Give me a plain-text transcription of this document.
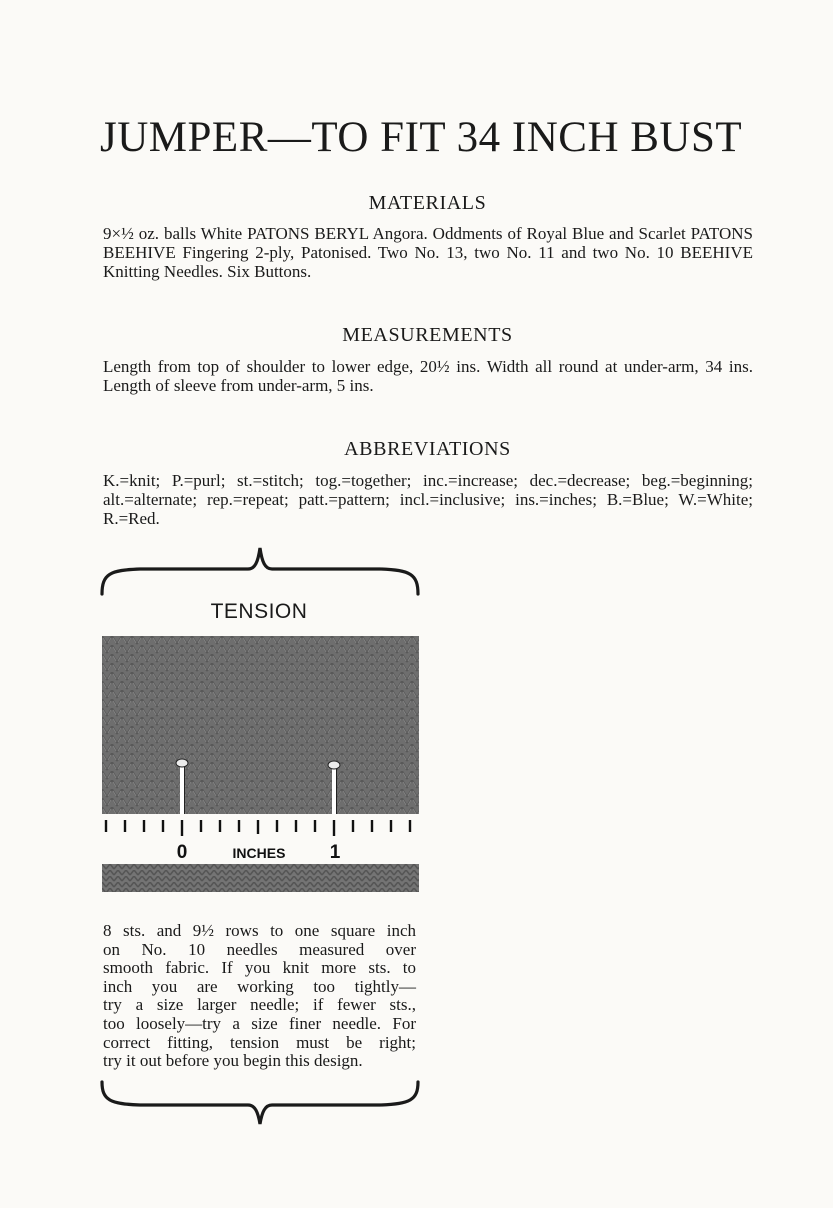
JUMPER—TO FIT 34 INCH BUST
MATERIALS
9×½ oz. balls White PATONS BERYL Angora. Oddments of Royal Blue and Scarlet PATONS BEEHIVE Fingering 2-ply, Patonised. Two No. 13, two No. 11 and two No. 10 BEEHIVE Knitting Needles. Six Buttons.
MEASUREMENTS
Length from top of shoulder to lower edge, 20½ ins. Width all round at under-arm, 34 ins. Length of sleeve from under-arm, 5 ins.
ABBREVIATIONS
K.=knit; P.=purl; st.=stitch; tog.=together; inc.=increase; dec.=decrease; beg.=beginning; alt.=alternate; rep.=repeat; patt.=pattern; incl.=inclusive; ins.=inches; B.=Blue; W.=White; R.=Red.
TENSION
0	INCHES 1
8 sts. and 9½ rows to one square inch
on No. 10 needles measured over
smooth fabric. If you knit more sts. to
inch you are working too tightly—
try a size larger needle; if fewer sts.,
too loosely—try a size finer needle. For
correct fitting, tension must be right;
try it out before you begin this design.
